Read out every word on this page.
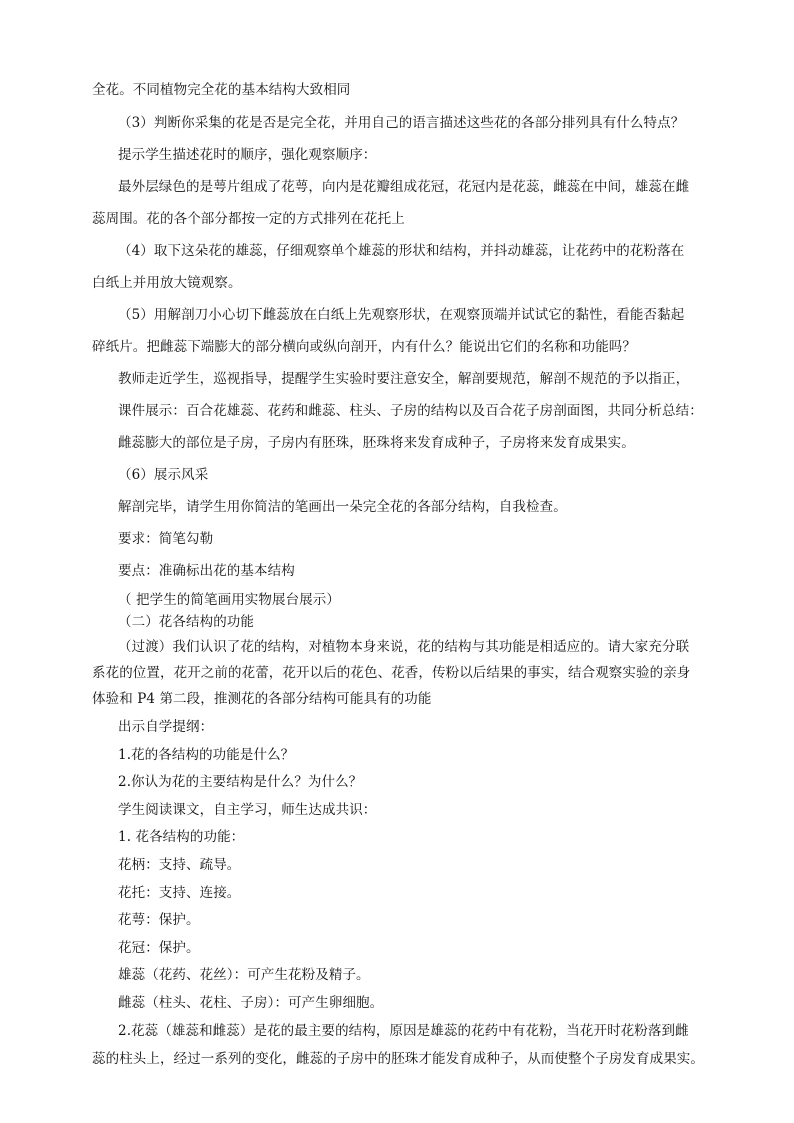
全花。不同植物完全花的基本结构大致相同
（3）判断你采集的花是否是完全花，并用自己的语言描述这些花的各部分排列具有什么特点？
提示学生描述花时的顺序，强化观察顺序：
最外层绿色的是萼片组成了花萼，向内是花瓣组成花冠，花冠内是花蕊，雌蕊在中间，雄蕊在雌
蕊周围。花的各个部分都按一定的方式排列在花托上
（4）取下这朵花的雄蕊，仔细观察单个雄蕊的形状和结构，并抖动雄蕊，让花药中的花粉落在
白纸上并用放大镜观察。
（5）用解剖刀小心切下雌蕊放在白纸上先观察形状，在观察顶端并试试它的黏性，看能否黏起
碎纸片。把雌蕊下端膨大的部分横向或纵向剖开，内有什么？能说出它们的名称和功能吗？
教师走近学生，巡视指导，提醒学生实验时要注意安全，解剖要规范，解剖不规范的予以指正，
课件展示：百合花雄蕊、花药和雌蕊、柱头、子房的结构以及百合花子房剖面图，共同分析总结：
雌蕊膨大的部位是子房，子房内有胚珠，胚珠将来发育成种子，子房将来发育成果实。
（6）展示风采
解剖完毕，请学生用你简洁的笔画出一朵完全花的各部分结构，自我检查。
要求：简笔勾勒
要点：准确标出花的基本结构
（ 把学生的简笔画用实物展台展示）
（二）花各结构的功能
（过渡）我们认识了花的结构，对植物本身来说，花的结构与其功能是相适应的。请大家充分联
系花的位置，花开之前的花蕾，花开以后的花色、花香，传粉以后结果的事实，结合观察实验的亲身
体验和 P4 第二段，推测花的各部分结构可能具有的功能
出示自学提纲：
1.花的各结构的功能是什么？
2.你认为花的主要结构是什么？为什么？
学生阅读课文，自主学习，师生达成共识：
1. 花各结构的功能：
花柄：支持、疏导。
花托：支持、连接。
花萼：保护。
花冠：保护。
雄蕊（花药、花丝）：可产生花粉及精子。
雌蕊（柱头、花柱、子房）：可产生卵细胞。
2.花蕊（雄蕊和雌蕊）是花的最主要的结构，原因是雄蕊的花药中有花粉，当花开时花粉落到雌
蕊的柱头上，经过一系列的变化，雌蕊的子房中的胚珠才能发育成种子，从而使整个子房发育成果实。
